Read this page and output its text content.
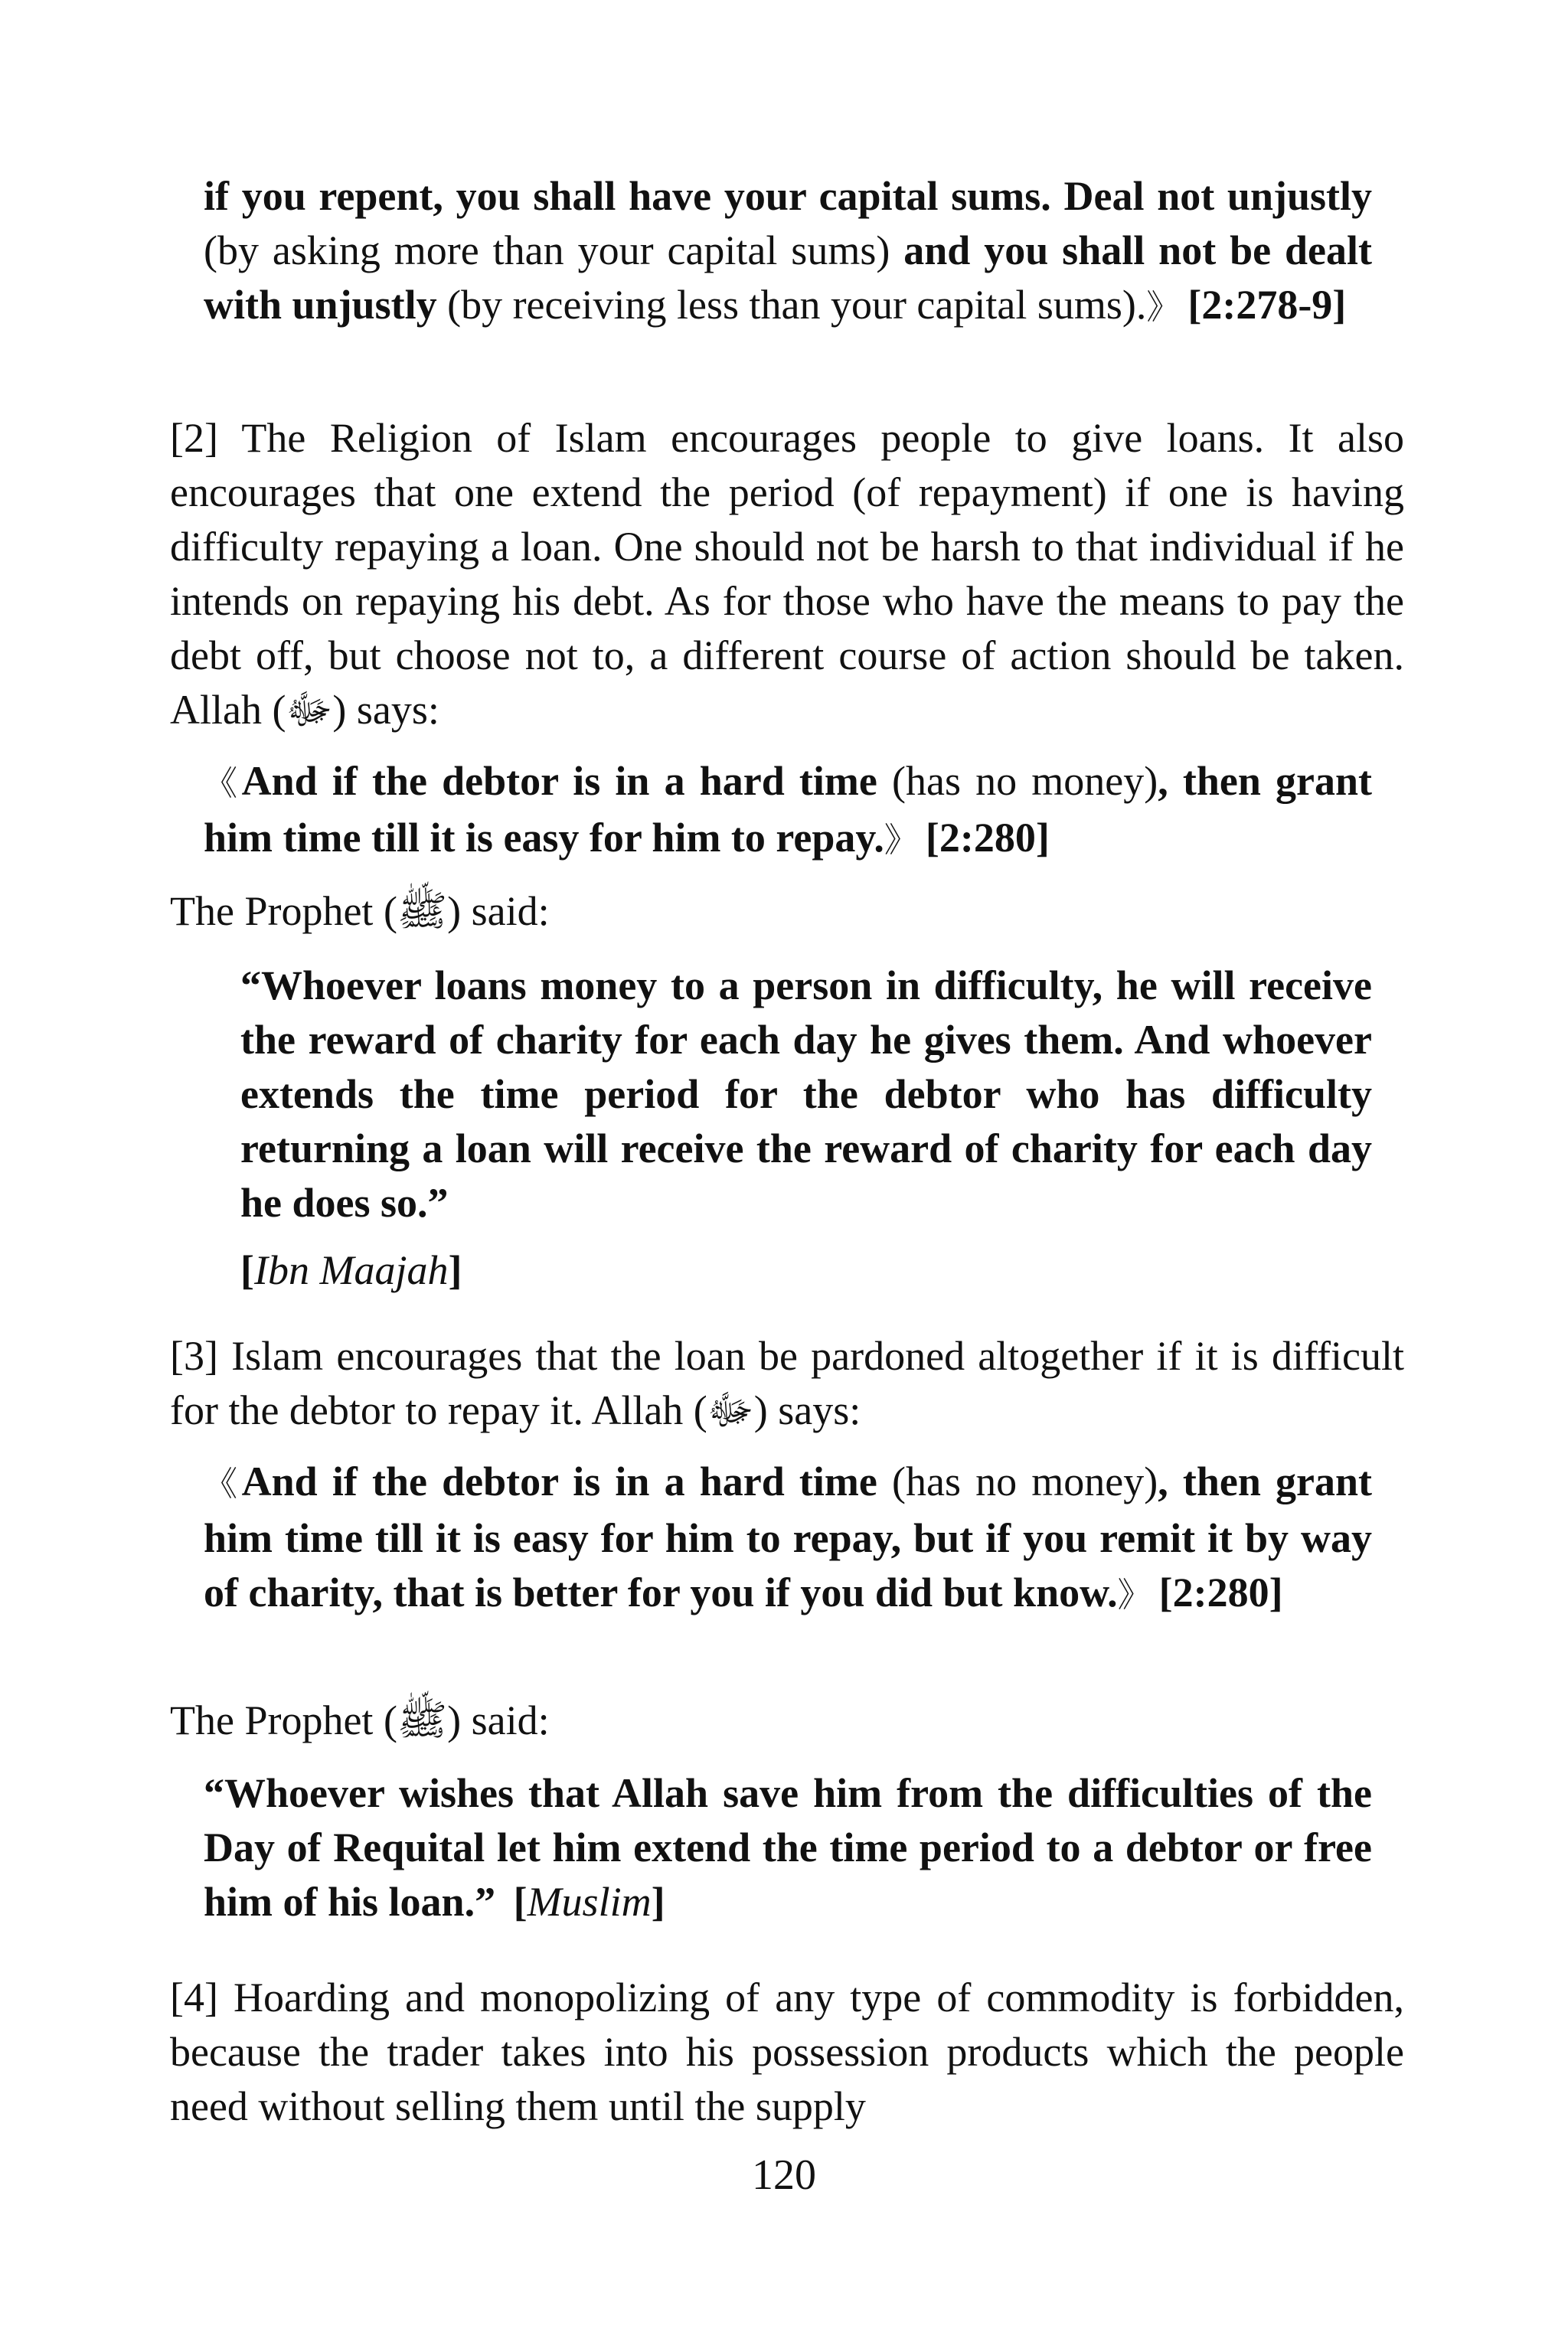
if you repent, you shall have your capital sums. Deal not unjustly (by asking more than your capital sums) and you shall not be dealt with unjustly (by receiving less than your capital sums).》 [2:278-9]

[2] The Religion of Islam encourages people to give loans. It also encourages that one extend the period (of repayment) if one is having difficulty repaying a loan. One should not be harsh to that individual if he intends on repaying his debt. As for those who have the means to pay the debt off, but choose not to, a different course of action should be taken. Allah (ﷻ) says:

《And if the debtor is in a hard time (has no money), then grant him time till it is easy for him to repay.》 [2:280]

The Prophet (ﷺ) said:

“Whoever loans money to a person in difficulty, he will receive the reward of charity for each day he gives them. And whoever extends the time period for the debtor who has difficulty returning a loan will receive the reward of charity for each day he does so.”

[Ibn Maajah]

[3] Islam encourages that the loan be pardoned altogether if it is difficult for the debtor to repay it. Allah (ﷻ) says:

《And if the debtor is in a hard time (has no money), then grant him time till it is easy for him to repay, but if you remit it by way of charity, that is better for you if you did but know.》 [2:280]

The Prophet (ﷺ) said:

“Whoever wishes that Allah save him from the difficulties of the Day of Requital let him extend the time period to a debtor or free him of his loan.” [Muslim]

[4] Hoarding and monopolizing of any type of commodity is forbidden, because the trader takes into his possession products which the people need without selling them until the supply

120
